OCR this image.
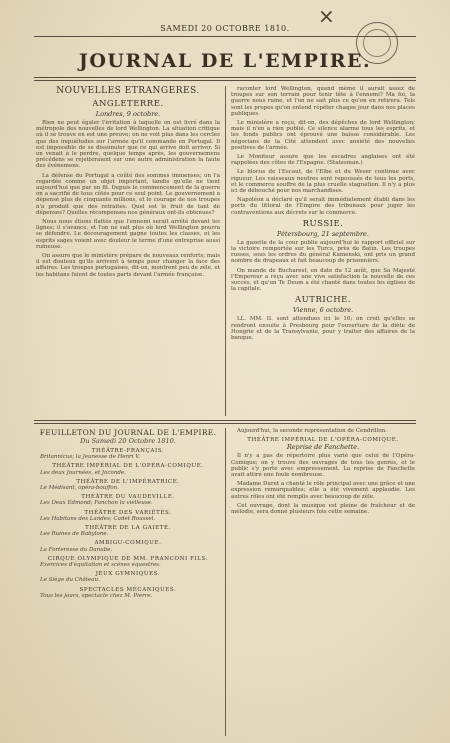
×
SAMEDI 20 OCTOBRE 1810.
JOURNAL DE L'EMPIRE.
NOUVELLES ÉTRANGÈRES.
ANGLETERRE.
Londres, 9 octobre.

Rien ne peut égaler l'irritation à laquelle on est livré dans la métropole des nouvelles de lord Wellington. La situation critique où il se trouve en est une preuve; on ne voit plus dans les cercles que des inquiétudes sur l'armée qu'il commande en Portugal. Il est impossible de se dissimuler que ce qui arrive doit arriver. Si on venait à le perdre, quelque temps après, les gouvernemens précédens se rejetteraient sur une autre administration la faute des événemens.

La défense du Portugal a coûté des sommes immenses; on l'a regardée comme un objet important, tandis qu'elle ne tient aujourd'hui que par un fil. Depuis le commencement de la guerre on a sacrifié de tous côtés pour ce seul point. Le gouvernement a dépensé plus de cinquante millions, et le courage de nos troupes n'a produit que des retraites. Quel est le fruit de tant de dépenses? Quelles récompenses nos généraux ont-ils obtenues?

Nous nous étions flattés que l'ennemi serait arrêté devant les lignes; il s'avance, et l'on ne sait plus où lord Wellington pourra se défendre. Le découragement gagne toutes les classes, et les esprits sages voient avec douleur le terme d'une entreprise aussi ruineuse.

On assure que le ministère prépare de nouveaux renforts; mais il est douteux qu'ils arrivent à temps pour changer la face des affaires. Les troupes portugaises, dit-on, montrent peu de zèle, et les habitans fuient de toutes parts devant l'armée française.

raconter lord Wellington, quand même il aurait assez de troupes sur son terrain pour tenir tête à l'ennemi? Ma foi, la guerre nous ruine, et l'on ne sait plus ce qu'on en retirera. Tels sont les propos qu'on entend répéter chaque jour dans nos places publiques.

Le ministère a reçu, dit-on, des dépêches de lord Wellington; mais il n'en a rien publié. Ce silence alarme tous les esprits, et les fonds publics ont éprouvé une baisse considérable. Les négocians de la Cité attendent avec anxiété des nouvelles positives de l'armée.

Le Moniteur assure que les escadres anglaises ont été rappelées des côtes de l'Espagne. (Statesman.)

Le blocus de l'Escaut, de l'Elbe et du Weser continue avec rigueur. Les vaisseaux neutres sont repoussés de tous les ports, et le commerce souffre de la plus cruelle stagnation. Il n'y a plus ici de débouché pour nos marchandises.

Napoléon a déclaré qu'il serait immédiatement établi dans les ports du littoral de l'Empire des tribunaux pour juger les contraventions aux décrets sur le commerce.

RUSSIE.
Pétersbourg, 21 septembre.

La gazette de la cour publie aujourd'hui le rapport officiel sur la victoire remportée sur les Turcs, près de Batin. Les troupes russes, sous les ordres du général Kamenski, ont pris un grand nombre de drapeaux et fait beaucoup de prisonniers.

On mande de Bucharest, en date du 12 août, que Sa Majesté l'Empereur a reçu avec une vive satisfaction la nouvelle de ces succès, et qu'un Te Deum a été chanté dans toutes les églises de la capitale.

AUTRICHE.
Vienne, 6 octobre.

LL. MM. II. sont attendues ici le 10; on croit qu'elles se rendront ensuite à Presbourg pour l'ouverture de la diète de Hongrie et de la Transylvanie, pour y traiter des affaires de la banque.

FEUILLETON DU JOURNAL DE L'EMPIRE.
Du Samedi 20 Octobre 1810.
THÉÂTRE-FRANÇAIS.
Britannicus; la Jeunesse de Henri V.
THÉÂTRE IMPÉRIAL DE L'OPÉRA-COMIQUE.
Les deux Journées, et Joconde.
THÉÂTRE DE L'IMPÉRATRICE.
Le Médisant, opéra-bouffon.
THÉÂTRE DU VAUDEVILLE.
Les Deux Edmond; Fanchon la vielleuse.
THÉÂTRE DES VARIÉTÉS.
Les Habitans des Landes; Cadet Roussel.
THÉÂTRE DE LA GAIETÉ.
Les Ruines de Babylone.
AMBIGU-COMIQUE.
La Forteresse du Danube.
CIRQUE OLYMPIQUE DE MM. FRANCONI FILS.
Exercices d'équitation et scènes équestres.
JEUX GYMNIQUES.
Le Siège du Château.
SPECTACLES MÉCANIQUES.
Tous les jours, spectacle chez M. Pierre.

Aujourd'hui, la seconde représentation de Cendrillon.

THÉÂTRE IMPÉRIAL DE L'OPÉRA-COMIQUE.
Reprise de Fanchette.

Il n'y a pas de répertoire plus varié que celui de l'Opéra-Comique; on y trouve des ouvrages de tous les genres, et le public s'y porte avec empressement. La reprise de Fanchette avait attiré une foule nombreuse.

Madame Duret a chanté le rôle principal avec une grâce et une expression remarquables; elle a été vivement applaudie. Les autres rôles ont été remplis avec beaucoup de zèle.

Cet ouvrage, dont la musique est pleine de fraîcheur et de mélodie, sera donné plusieurs fois cette semaine.
